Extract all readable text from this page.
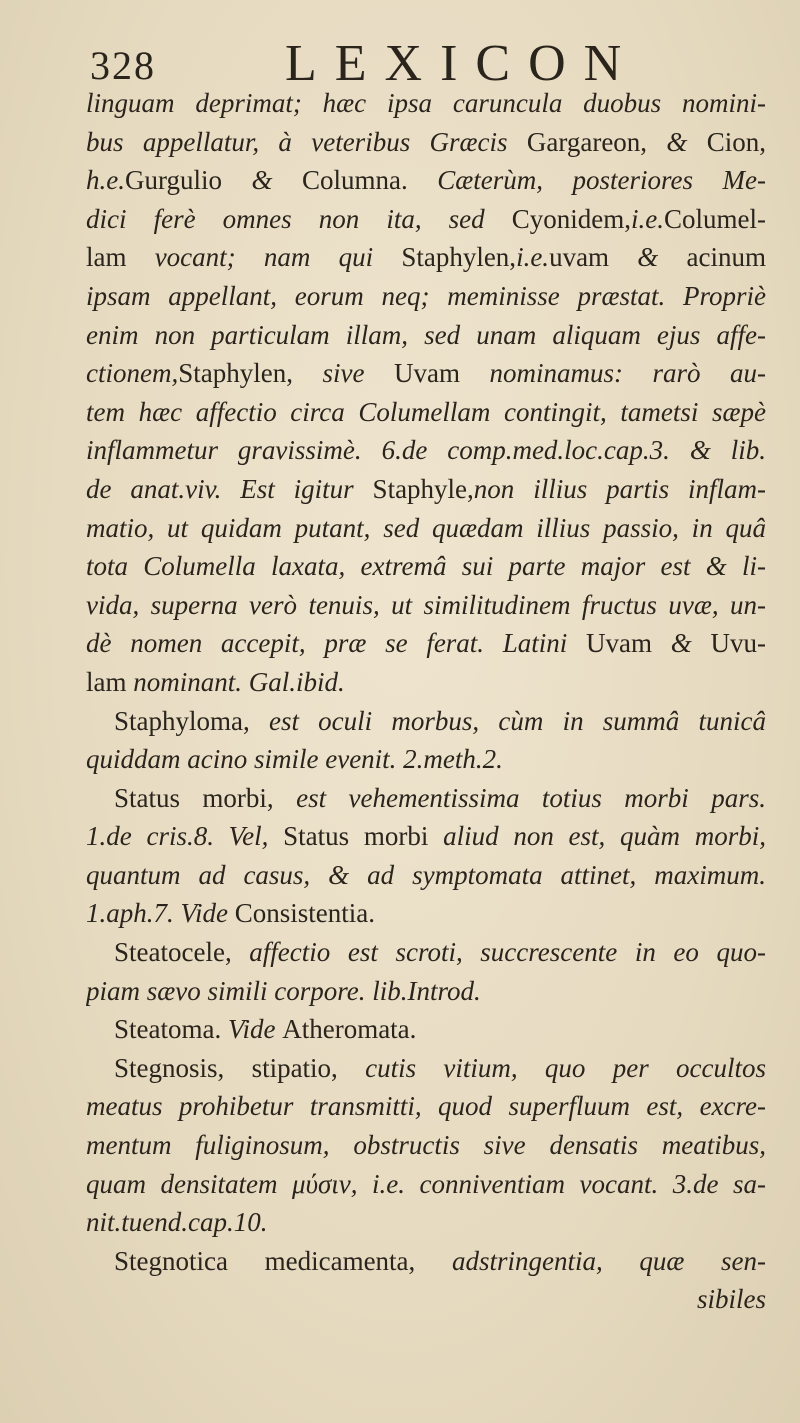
328 LEXICON
linguam deprimat; hæc ipsa caruncula duobus nomini-
bus appellatur, à veteribus Græcis Gargareon, & Cion,
h.e.Gurgulio & Columna. Cæterùm, posteriores Me-
dici ferè omnes non ita, sed Cyonidem,i.e.Columel-
lam vocant; nam qui Staphylen,i.e.uvam & acinum
ipsam appellant, eorum neq; meminisse præstat. Propriè
enim non particulam illam, sed unam aliquam ejus affe-
ctionem,Staphylen, sive Uvam nominamus: rarò au-
tem hæc affectio circa Columellam contingit, tametsi sæpè
inflammetur gravissimè. 6.de comp.med.loc.cap.3. & lib.
de anat.viv. Est igitur Staphyle,non illius partis inflam-
matio, ut quidam putant, sed quædam illius passio, in quâ
tota Columella laxata, extremâ sui parte major est & li-
vida, superna verò tenuis, ut similitudinem fructus uvæ, un-
dè nomen accepit, præ se ferat. Latini Uvam & Uvu-
lam nominant. Gal.ibid.
Staphyloma, est oculi morbus, cùm in summâ tunicâ
quiddam acino simile evenit. 2.meth.2.
Status morbi, est vehementissima totius morbi pars.
1.de cris.8. Vel, Status morbi aliud non est, quàm morbi,
quantum ad casus, & ad symptomata attinet, maximum.
1.aph.7. Vide Consistentia.
Steatocele, affectio est scroti, succrescente in eo quo-
piam sævo simili corpore. lib.Introd.
Steatoma. Vide Atheromata.
Stegnosis, stipatio, cutis vitium, quo per occultos
meatus prohibetur transmitti, quod superfluum est, excre-
mentum fuliginosum, obstructis sive densatis meatibus,
quam densitatem μύσιν, i.e. conniventiam vocant. 3.de sa-
nit.tuend.cap.10.
Stegnotica medicamenta, adstringentia, quæ sen-
sibiles
